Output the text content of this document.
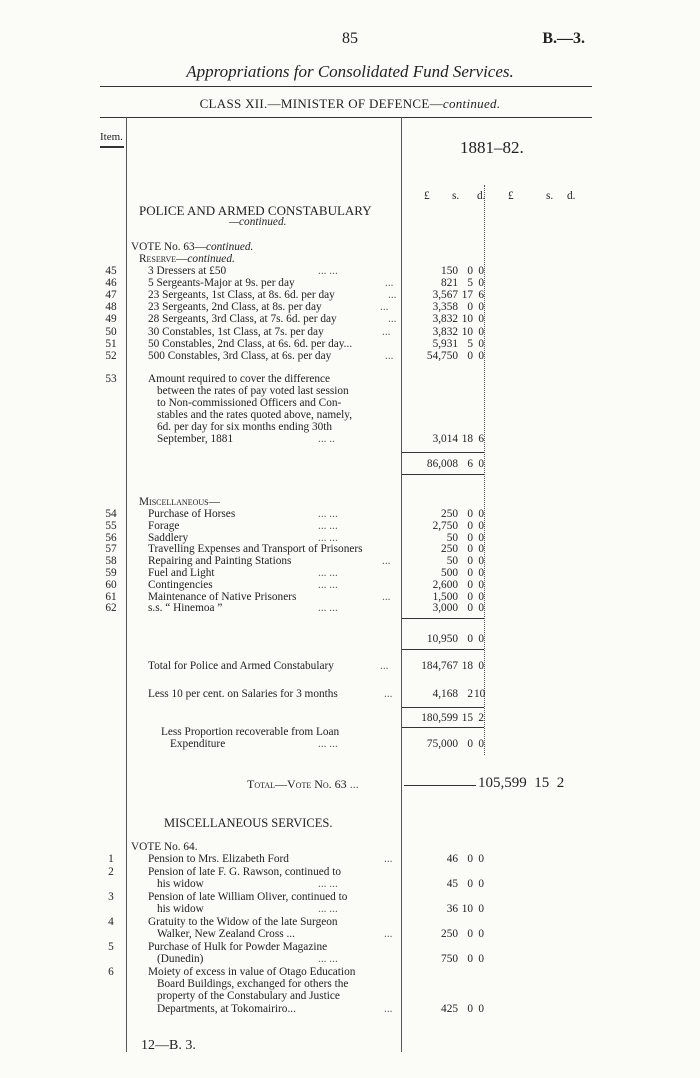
85	B.—3.
Appropriations for Consolidated Fund Services.
CLASS XII.—MINISTER OF DEFENCE—continued.
Item.
1881–82.
£ s. d. £	s. d.
POLICE AND ARMED CONSTABULARY
—continued.
VOTE No. 63—continued.
Reserve—continued.
45	3 Dressers at £50	... ...	150 0 0
46	5 Sergeants-Major at 9s. per day	...	821 5 0
47	23 Sergeants, 1st Class, at 8s. 6d. per day	...	3,567 17 6
48	23 Sergeants, 2nd Class, at 8s. per day	...	3,358 0 0
49	28 Sergeants, 3rd Class, at 7s. 6d. per day	...	3,832 10 0
50	30 Constables, 1st Class, at 7s. per day	...	3,832 10 0
51	50 Constables, 2nd Class, at 6s. 6d. per day...	5,931 5 0
52	500 Constables, 3rd Class, at 6s. per day	...	54,750 0 0
53	Amount required to cover the difference
between the rates of pay voted last session
to Non-commissioned Officers and Con-
stables and the rates quoted above, namely,
6d. per day for six months ending 30th
September, 1881	... ..	3,014 18 6
86,008 6 0
Miscellaneous—
54	Purchase of Horses	... ...	250 0 0
55	Forage	... ...	2,750 0 0
56	Saddlery	... ...	50 0 0
57	Travelling Expenses and Transport of Prisoners	250 0 0
58	Repairing and Painting Stations	...	50 0 0
59	Fuel and Light	... ...	500 0 0
60	Contingencies	... ...	2,600 0 0
61	Maintenance of Native Prisoners	...	1,500 0 0
62	s.s. “ Hinemoa ”	... ...	3,000 0 0
10,950 0 0
Total for Police and Armed Constabulary	...	184,767 18 0
Less 10 per cent. on Salaries for 3 months	...	4,168 2 10
180,599 15 2
Less Proportion recoverable from Loan
Expenditure	... ...	75,000 0 0
Total—Vote No. 63 ...	105,599 15 2
MISCELLANEOUS SERVICES.
VOTE No. 64.
1	Pension to Mrs. Elizabeth Ford	...	46 0 0
2	Pension of late F. G. Rawson, continued to
his widow	... ...	45 0 0
3	Pension of late William Oliver, continued to
his widow	... ...	36 10 0
4	Gratuity to the Widow of the late Surgeon
Walker, New Zealand Cross ...	...	250 0 0
5	Purchase of Hulk for Powder Magazine
(Dunedin)	... ...	750 0 0
6	Moiety of excess in value of Otago Education
Board Buildings, exchanged for others the
property of the Constabulary and Justice
Departments, at Tokomairiro...	...	425 0 0
12—B. 3.
